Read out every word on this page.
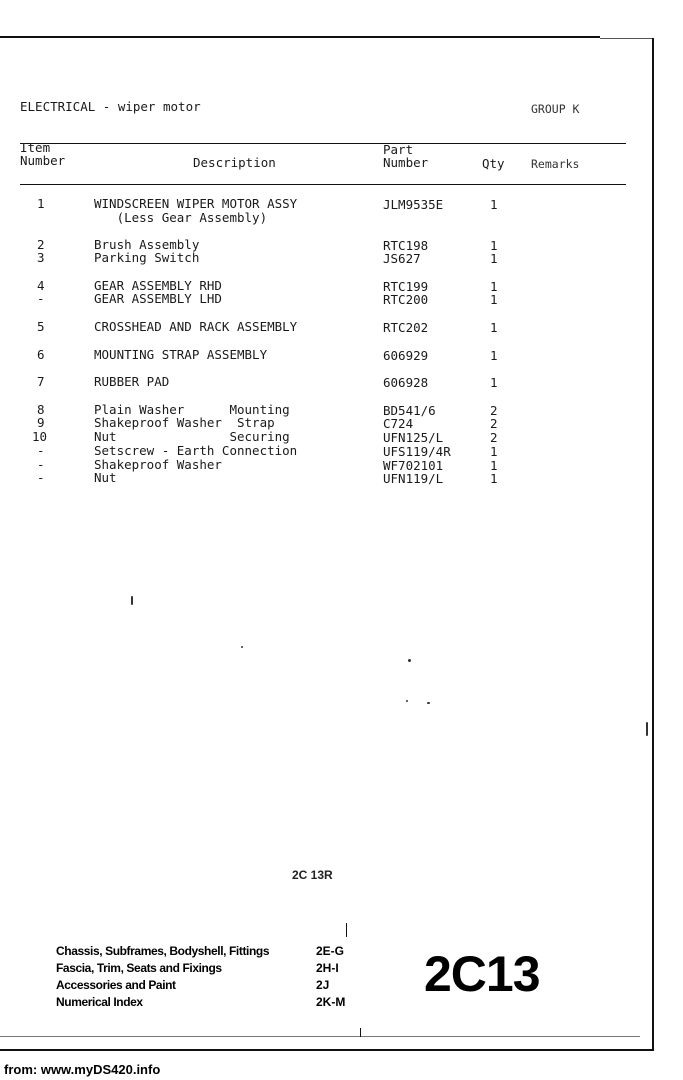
ELECTRICAL - wiper motor	GROUP K
Item
Number	Description
Part
Number	Qty Remarks
1	WINDSCREEN WIPER MOTOR ASSY	JLM9535E	1
(Less Gear Assembly)
2	Brush Assembly	RTC198	1
3	Parking Switch	JS627	1
4	GEAR ASSEMBLY RHD	RTC199	1
-	GEAR ASSEMBLY LHD	RTC200	1
5	CROSSHEAD AND RACK ASSEMBLY	RTC202	1
6	MOUNTING STRAP ASSEMBLY	606929	1
7	RUBBER PAD	606928	1
8	Plain Washer      Mounting	BD541/6	2
9	Shakeproof Washer  Strap	C724	2
10	Nut               Securing	UFN125/L	2
-	Setscrew - Earth Connection	UFS119/4R	1
-	Shakeproof Washer	WF702101	1
-	Nut	UFN119/L	1
2C 13R
Chassis, Subframes, Bodyshell, Fittings	2E-G
Fascia, Trim, Seats and Fixings	2H-I
Accessories and Paint	2J
Numerical Index	2K-M 2C13
from: www.myDS420.info
